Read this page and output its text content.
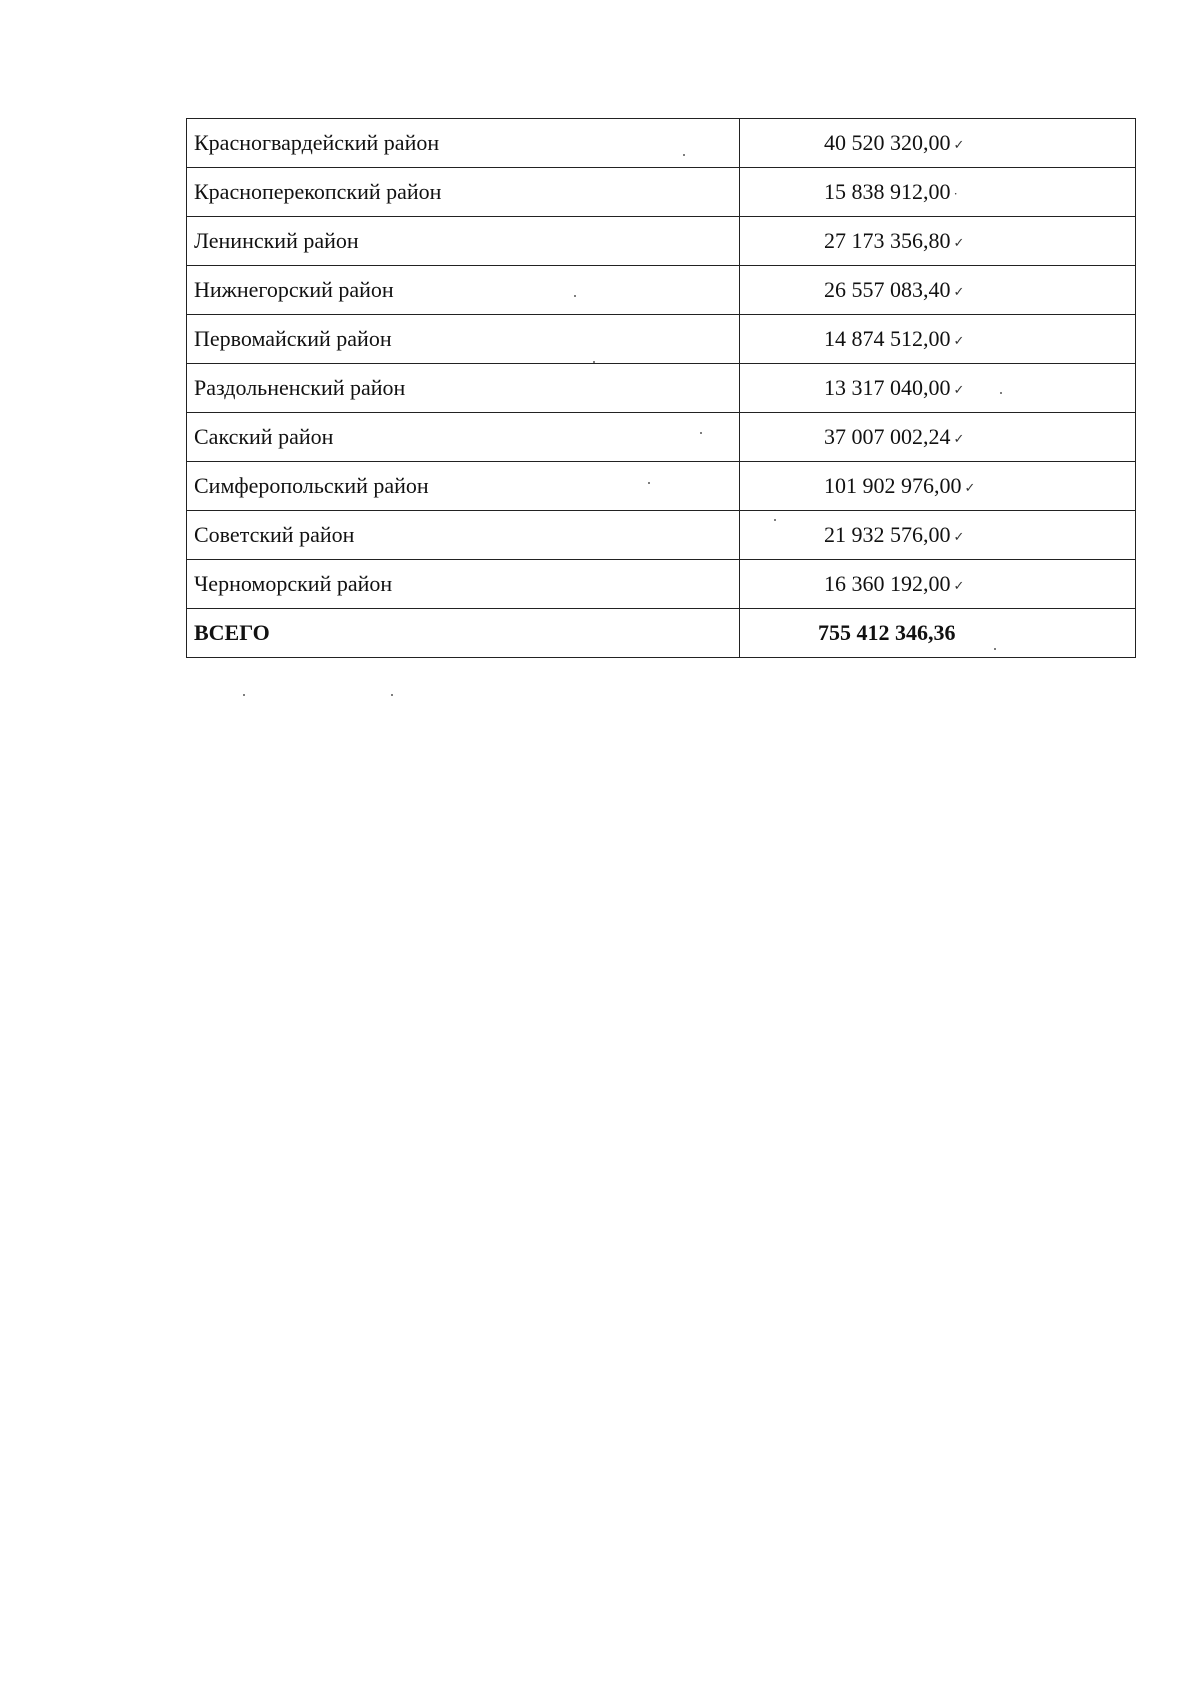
Красногвардейский район	40 520 320,00 ✓
Красноперекопский район	15 838 912,00 ·
Ленинский район	27 173 356,80 ✓
Нижнегорский район	26 557 083,40 ✓
Первомайский район	14 874 512,00 ✓
Раздольненский район	13 317 040,00 ✓
Сакский район	37 007 002,24 ✓
Симферопольский район	101 902 976,00 ✓
Советский район	21 932 576,00 ✓
Черноморский район	16 360 192,00 ✓
ВСЕГО	755 412 346,36
